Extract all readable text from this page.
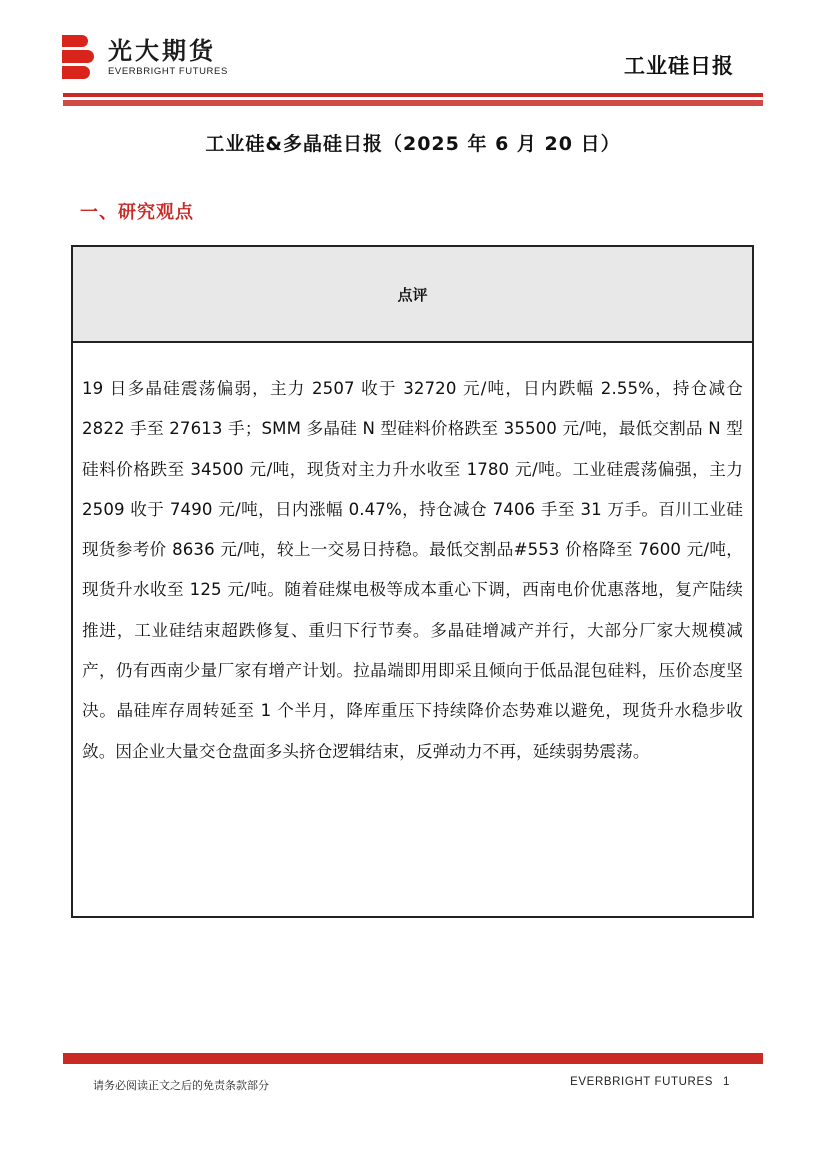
光大期货
EVERBRIGHT FUTURES	工业硅日报
工业硅&多晶硅日报（2025 年 6 月 20 日）
一、研究观点
点评
19 日多晶硅震荡偏弱，主力 2507 收于 32720 元/吨，日内跌幅 2.55%，持仓减仓 2822 手至 27613 手；SMM 多晶硅 N 型硅料价格跌至 35500 元/吨，最低交割品 N 型硅料价格跌至 34500 元/吨，现货对主力升水收至 1780 元/吨。工业硅震荡偏强，主力 2509 收于 7490 元/吨，日内涨幅 0.47%，持仓减仓 7406 手至 31 万手。百川工业硅现货参考价 8636 元/吨，较上一交易日持稳。最低交割品#553 价格降至 7600 元/吨，现货升水收至 125 元/吨。随着硅煤电极等成本重心下调，西南电价优惠落地，复产陆续推进，工业硅结束超跌修复、重归下行节奏。多晶硅增减产并行，大部分厂家大规模减产，仍有西南少量厂家有增产计划。拉晶端即用即采且倾向于低品混包硅料，压价态度坚决。晶硅库存周转延至 1 个半月，降库重压下持续降价态势难以避免，现货升水稳步收敛。因企业大量交仓盘面多头挤仓逻辑结束，反弹动力不再，延续弱势震荡。
请务必阅读正文之后的免责条款部分	EVERBRIGHT FUTURES 1
